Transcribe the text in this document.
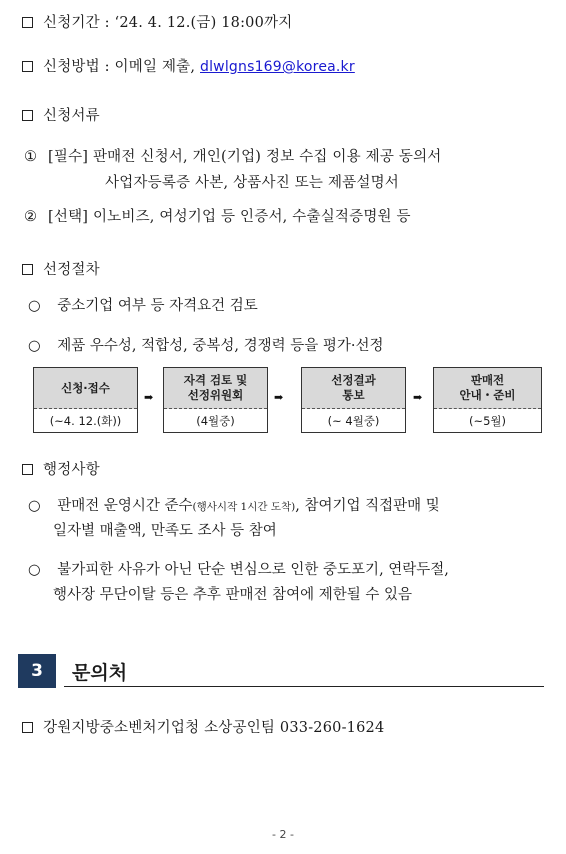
신청기간 : ‘24. 4. 12.(금) 18:00까지
신청방법 : 이메일 제출, dlwlgns169@korea.kr
신청서류
① [필수] 판매전 신청서, 개인(기업) 정보 수집 이용 제공 동의서
사업자등록증 사본, 상품사진 또는 제품설명서
② [선택] 이노비즈, 여성기업 등 인증서, 수출실적증명원 등
선정절차
○ 중소기업 여부 등 자격요건 검토
○ 제품 우수성, 적합성, 중복성, 경쟁력 등을 평가·선정
신청·접수
(~4. 12.(화))
➡
자격 검토 및
선정위원회
(4월중)
➡
선정결과
통보
(~ 4월중)
➡
판매전
안내・준비
(~5월)
행정사항
○ 판매전 운영시간 준수(행사시작 1시간 도착), 참여기업 직접판매 및
일자별 매출액, 만족도 조사 등 참여
○ 불가피한 사유가 아닌 단순 변심으로 인한 중도포기, 연락두절,
행사장 무단이탈 등은 추후 판매전 참여에 제한될 수 있음
3	문의처
강원지방중소벤처기업청 소상공인팀 033-260-1624
- 2 -
